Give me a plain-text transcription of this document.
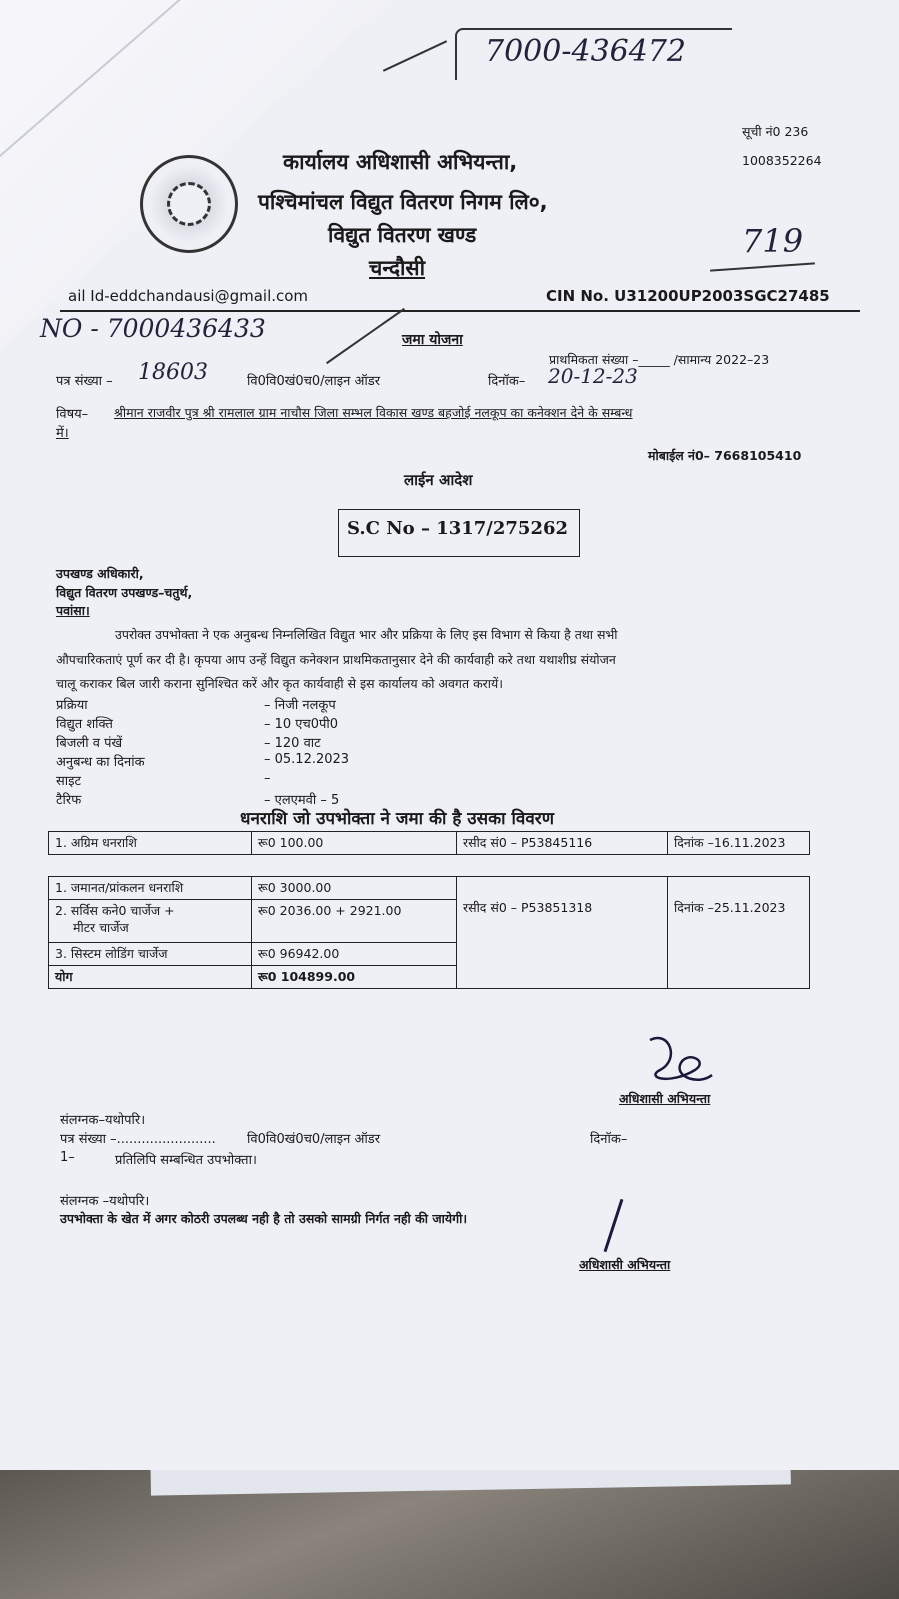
7000-436472
सूची नं0 236
1008352264
कार्यालय अधिशासी अभियन्ता,
पश्चिमांचल विद्युत वितरण निगम लि०,
विद्युत वितरण खण्ड
चन्दौसी
719
ail Id-eddchandausi@gmail.com	CIN No. U31200UP2003SGC27485
NO - 7000436433	जमा योजना
प्राथमिकता संख्या –_____ /सामान्य 2022–23
पत्र संख्या – 18603	वि0वि0खं0च0/लाइन ऑडर	दिनॉक– 20-12-23
विषय– श्रीमान राजवीर पुत्र श्री रामलाल ग्राम नाचौस जिला सम्भल विकास खण्ड बहजोई नलकूप का कनेक्शन देने के सम्बन्ध
में।
मोबाईल नं0– 7668105410
लाईन आदेश
S.C No – 1317/275262
उपखण्ड अधिकारी,
विद्युत वितरण उपखण्ड–चतुर्थ,
पवांसा।
उपरोक्त उपभोक्ता ने एक अनुबन्ध निम्नलिखित विद्युत भार और प्रक्रिया के लिए इस विभाग से किया है तथा सभी
औपचारिकताएं पूर्ण कर दी है। कृपया आप उन्हें विद्युत कनेक्शन प्राथमिकतानुसार देने की कार्यवाही करे तथा यथाशीघ्र संयोजन
चालू कराकर बिल जारी कराना सुनिश्चित करें और कृत कार्यवाही से इस कार्यालय को अवगत करायें।
प्रक्रिया	– निजी नलकूप
विद्युत शक्ति	– 10 एच0पी0
बिजली व पंखें	– 120 वाट
अनुबन्ध का दिनांक	– 05.12.2023
साइट	–
टैरिफ	– एलएमवी – 5
धनराशि जो उपभोक्ता ने जमा की है उसका विवरण
1. अग्रिम धनराशि	रू0 100.00	रसीद सं0 – P53845116	दिनांक –16.11.2023
1. जमानत/प्रांकलन धनराशि	रू0 3000.00	रसीद सं0 – P53851318	दिनांक –25.11.2023

2. सर्विस कने0 चार्जेज +
मीटर चार्जेज	रू0 2036.00 + 2921.00		
3. सिस्टम लोडिंग चार्जेज	रू0 96942.00		
योग	रू0 104899.00		
अधिशासी अभियन्ता
संलग्नक–यथोपरि।
पत्र संख्या –........................ वि0वि0खं0च0/लाइन ऑडर	दिनॉक–
1–	प्रतिलिपि सम्बन्धित उपभोक्ता।
संलग्नक –यथोपरि।
उपभोक्ता के खेत में अगर कोठरी उपलब्ध नही है तो उसको सामग्री निर्गत नही की जायेगी।
अधिशासी अभियन्ता
